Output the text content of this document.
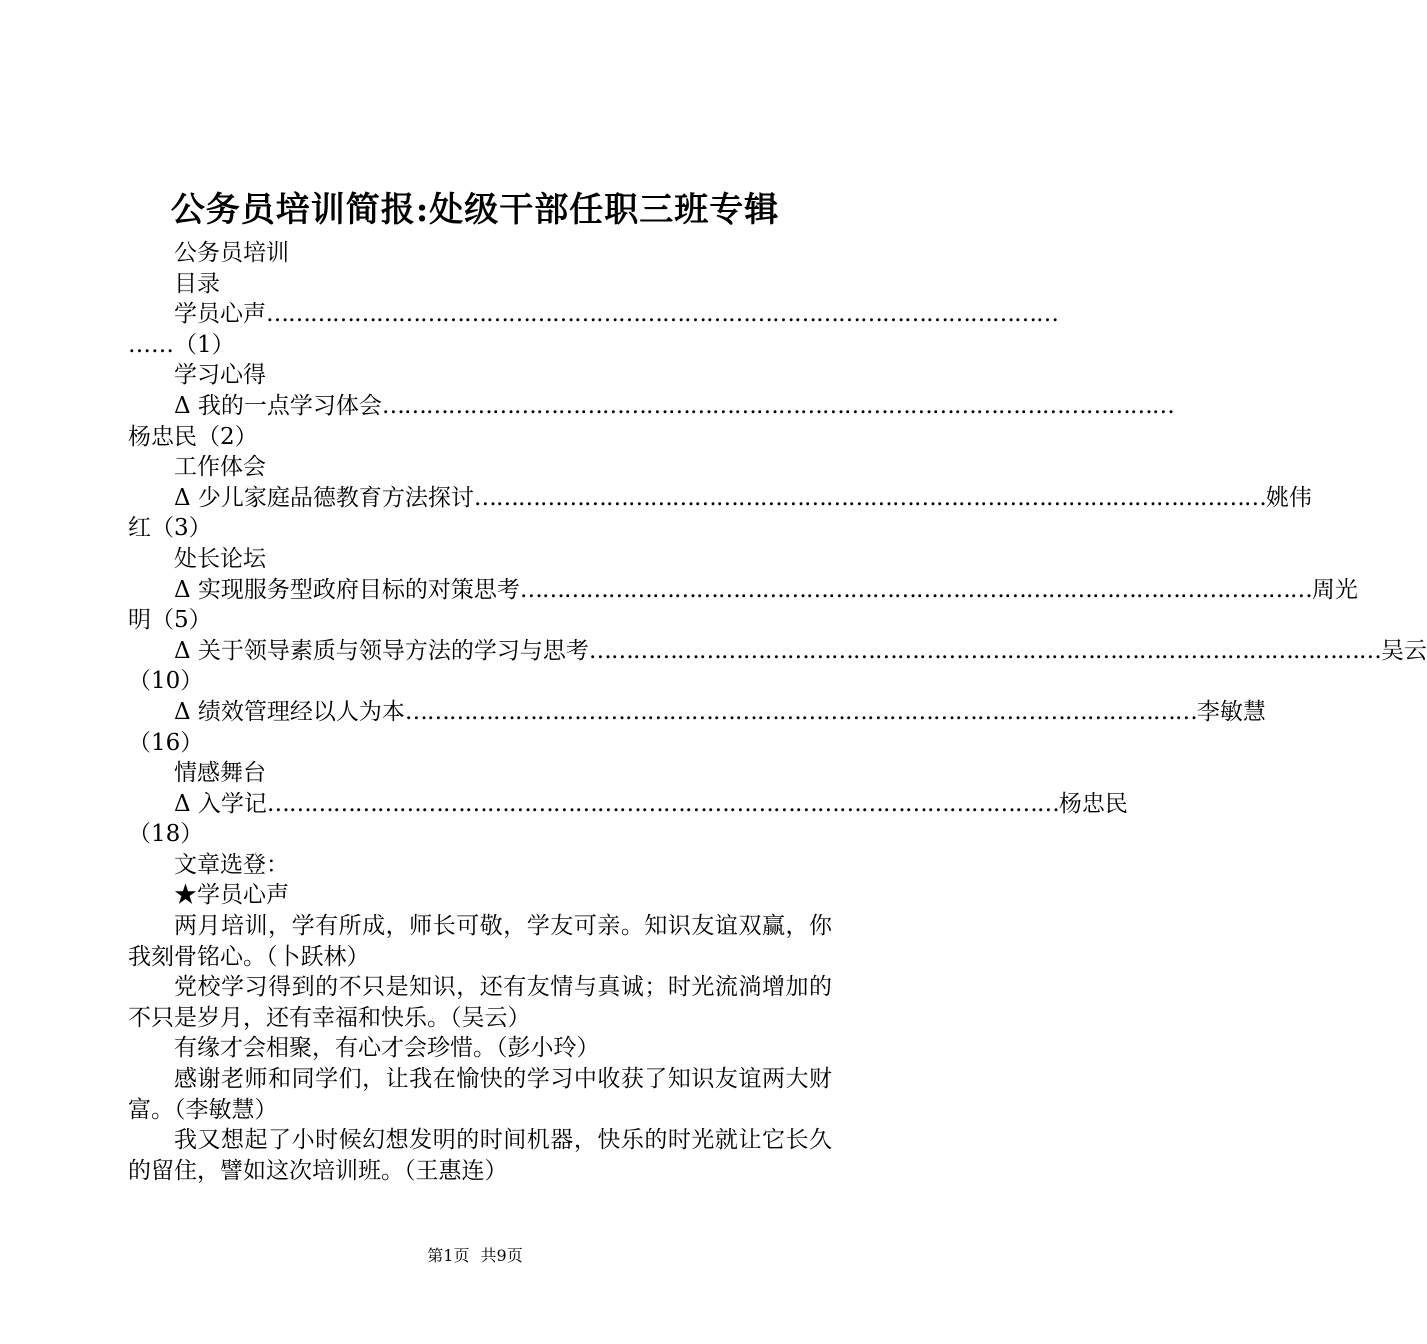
公务员培训简报:处级干部任职三班专辑

公务员培训

目录

学员心声 ………………………………………………………………………………………………

……（1）

学习心得

Δ 我的一点学习体会 ………………………………………………………………………………………………

杨忠民（2）

工作体会

Δ 少儿家庭品德教育方法探讨 ……………………………………………………………………………………………… 姚伟

红（3）

处长论坛

Δ 实现服务型政府目标的对策思考 ……………………………………………………………………………………………… 周光

明（5）

Δ 关于领导素质与领导方法的学习与思考 ……………………………………………………………………………………………… 吴云

（10）

Δ 绩效管理经以人为本 ……………………………………………………………………………………………… 李敏慧

（16）

情感舞台

Δ 入学记 ……………………………………………………………………………………………… 杨忠民

（18）

文章选登：

★学员心声

两月培训，学有所成，师长可敬，学友可亲。知识友谊双赢，你我刻骨铭心。（卜跃林）

党校学习得到的不只是知识，还有友情与真诚；时光流淌增加的不只是岁月，还有幸福和快乐。（吴云）

有缘才会相聚，有心才会珍惜。（彭小玲）

感谢老师和同学们，让我在愉快的学习中收获了知识友谊两大财富。（李敏慧）

我又想起了小时候幻想发明的时间机器，快乐的时光就让它长久的留住，譬如这次培训班。（王惠连）

第1页 共9页
